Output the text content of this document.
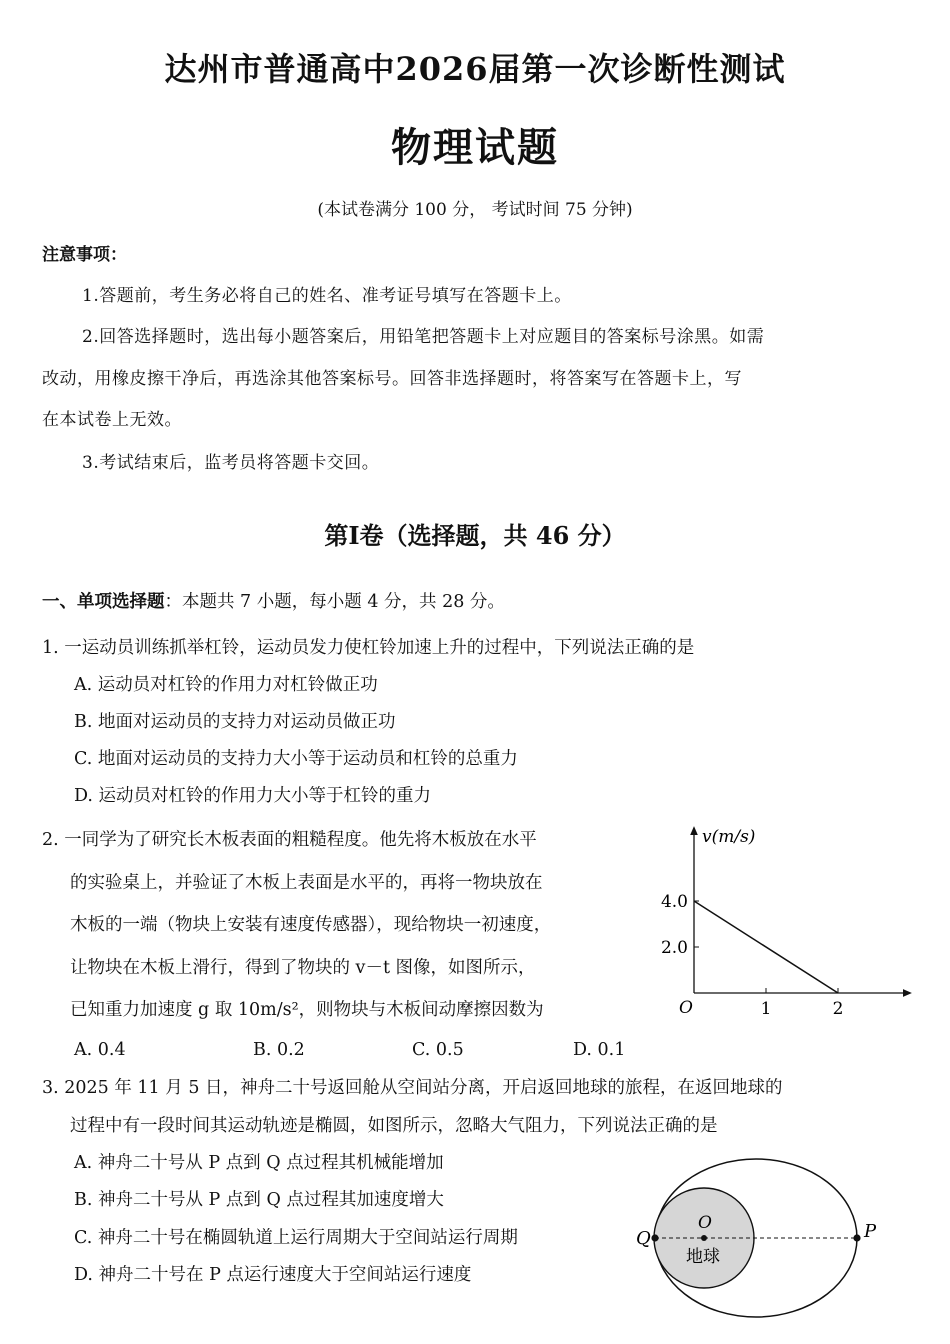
达州市普通高中2026届第一次诊断性测试
物理试题
(本试卷满分 100 分， 考试时间 75 分钟)
注意事项：
1.答题前，考生务必将自己的姓名、准考证号填写在答题卡上。
2.回答选择题时，选出每小题答案后，用铅笔把答题卡上对应题目的答案标号涂黑。如需
改动，用橡皮擦干净后，再选涂其他答案标号。回答非选择题时，将答案写在答题卡上，写
在本试卷上无效。
3.考试结束后，监考员将答题卡交回。
第Ⅰ卷（选择题，共 46 分）
一、单项选择题：本题共 7 小题，每小题 4 分，共 28 分。
1. 一运动员训练抓举杠铃，运动员发力使杠铃加速上升的过程中，下列说法正确的是
A. 运动员对杠铃的作用力对杠铃做正功
B. 地面对运动员的支持力对运动员做正功
C. 地面对运动员的支持力大小等于运动员和杠铃的总重力
D. 运动员对杠铃的作用力大小等于杠铃的重力
2. 一同学为了研究长木板表面的粗糙程度。他先将木板放在水平
的实验桌上，并验证了木板上表面是水平的，再将一物块放在
木板的一端（物块上安装有速度传感器），现给物块一初速度，
让物块在木板上滑行，得到了物块的 v－t 图像，如图所示，
已知重力加速度 g 取 10m/s²，则物块与木板间动摩擦因数为
A. 0.4	B. 0.2	C. 0.5	D. 0.1
v(m/s)
O	1	2
2.0
4.0
3. 2025 年 11 月 5 日，神舟二十号返回舱从空间站分离，开启返回地球的旅程，在返回地球的
过程中有一段时间其运动轨迹是椭圆，如图所示，忽略大气阻力，下列说法正确的是
A. 神舟二十号从 P 点到 Q 点过程其机械能增加
B. 神舟二十号从 P 点到 Q 点过程其加速度增大
C. 神舟二十号在椭圆轨道上运行周期大于空间站运行周期
D. 神舟二十号在 P 点运行速度大于空间站运行速度
Q	P
O
地球
